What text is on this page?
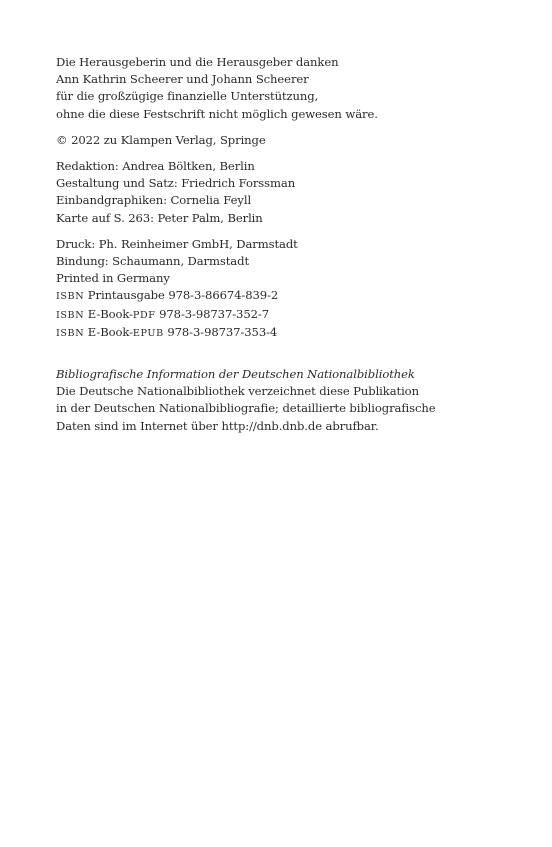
Die Herausgeberin und die Herausgeber danken

Ann Kathrin Scheerer und Johann Scheerer

für die großzügige finanzielle Unterstützung,

ohne die diese Festschrift nicht möglich gewesen wäre.

© 2022 zu Klampen Verlag, Springe

Redaktion: Andrea Böltken, Berlin

Gestaltung und Satz: Friedrich Forssman

Einbandgraphiken: Cornelia Feyll

Karte auf S. 263: Peter Palm, Berlin

Druck: Ph. Reinheimer GmbH, Darmstadt

Bindung: Schaumann, Darmstadt

Printed in Germany

ISBN Printausgabe 978-3-86674-839-2

ISBN E-Book-PDF 978-3-98737-352-7

ISBN E-Book-EPUB 978-3-98737-353-4

Bibliografische Information der Deutschen Nationalbibliothek

Die Deutsche Nationalbibliothek verzeichnet diese Publikation

in der Deutschen Nationalbibliografie; detaillierte bibliografische

Daten sind im Internet über http://dnb.dnb.de abrufbar.
